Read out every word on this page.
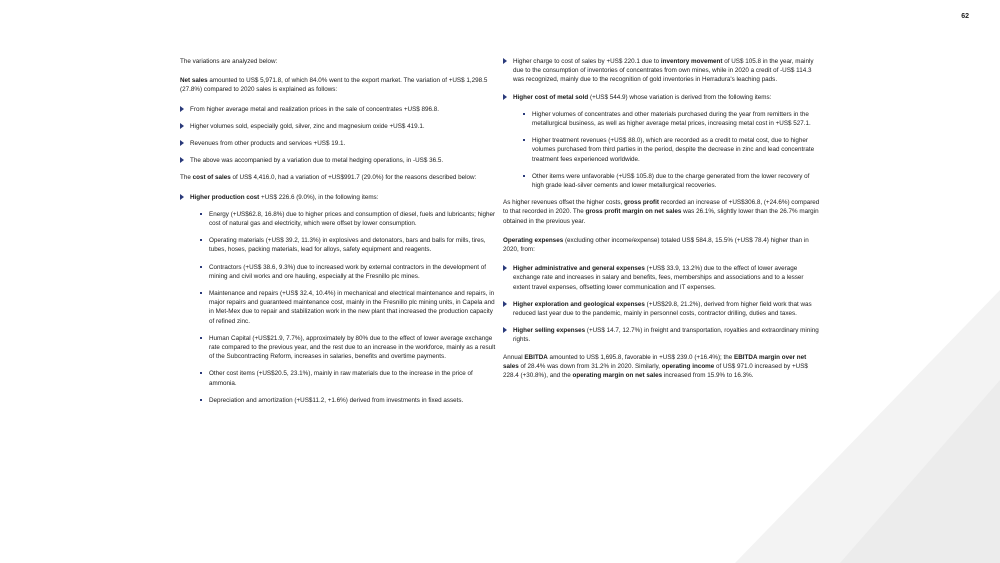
62

The variations are analyzed below:

Net sales amounted to US$ 5,971.8, of which 84.0% went to the export market. The variation of +US$ 1,298.5 (27.8%) compared to 2020 sales is explained as follows:

From higher average metal and realization prices in the sale of concentrates +US$ 896.8.
Higher volumes sold, especially gold, silver, zinc and magnesium oxide +US$ 419.1.
Revenues from other products and services +US$ 19.1.
The above was accompanied by a variation due to metal hedging operations, in -US$ 36.5.

The cost of sales of US$ 4,416.0, had a variation of +US$991.7 (29.0%) for the reasons described below:

Higher production cost +US$ 226.6 (9.0%), in the following items:
Energy (+US$62.8, 16.8%) due to higher prices and consumption of diesel, fuels and lubricants; higher cost of natural gas and electricity, which were offset by lower consumption.
Operating materials (+US$ 39.2, 11.3%) in explosives and detonators, bars and balls for mills, tires, tubes, hoses, packing materials, lead for alloys, safety equipment and reagents.
Contractors (+US$ 38.6, 9.3%) due to increased work by external contractors in the development of mining and civil works and ore hauling, especially at the Fresnillo plc mines.
Maintenance and repairs (+US$ 32.4, 10.4%) in mechanical and electrical maintenance and repairs, in major repairs and guaranteed maintenance cost, mainly in the Fresnillo plc mining units, in Capela and in Met-Mex due to repair and stabilization work in the new plant that increased the production capacity of refined zinc.
Human Capital (+US$21.9, 7.7%), approximately by 80% due to the effect of lower average exchange rate compared to the previous year, and the rest due to an increase in the workforce, mainly as a result of the Subcontracting Reform, increases in salaries, benefits and overtime payments.
Other cost items (+US$20.5, 23.1%), mainly in raw materials due to the increase in the price of ammonia.
Depreciation and amortization (+US$11.2, +1.6%) derived from investments in fixed assets.
Higher charge to cost of sales by +US$ 220.1 due to inventory movement of US$ 105.8 in the year, mainly due to the consumption of inventories of concentrates from own mines, while in 2020 a credit of -US$ 114.3 was recognized, mainly due to the recognition of gold inventories in Herradura's leaching pads.
Higher cost of metal sold (+US$ 544.9) whose variation is derived from the following items:
Higher volumes of concentrates and other materials purchased during the year from remitters in the metallurgical business, as well as higher average metal prices, increasing metal cost in +US$ 527.1.
Higher treatment revenues (+US$ 88.0), which are recorded as a credit to metal cost, due to higher volumes purchased from third parties in the period, despite the decrease in zinc and lead concentrate treatment fees experienced worldwide.
Other items were unfavorable (+US$ 105.8) due to the charge generated from the lower recovery of high grade lead-silver cements and lower metallurgical recoveries.

As higher revenues offset the higher costs, gross profit recorded an increase of +US$306.8, (+24.6%) compared to that recorded in 2020. The gross profit margin on net sales was 26.1%, slightly lower than the 26.7% margin obtained in the previous year.

Operating expenses (excluding other income/expense) totaled US$ 584.8, 15.5% (+US$ 78.4) higher than in 2020, from:

Higher administrative and general expenses (+US$ 33.9, 13.2%) due to the effect of lower average exchange rate and increases in salary and benefits, fees, memberships and associations and to a lesser extent travel expenses, offsetting lower communication and IT expenses.
Higher exploration and geological expenses (+US$29.8, 21.2%), derived from higher field work that was reduced last year due to the pandemic, mainly in personnel costs, contractor drilling, duties and taxes.
Higher selling expenses (+US$ 14.7, 12.7%) in freight and transportation, royalties and extraordinary mining rights.

Annual EBITDA amounted to US$ 1,695.8, favorable in +US$ 239.0 (+16.4%); the EBITDA margin over net sales of 28.4% was down from 31.2% in 2020. Similarly, operating income of US$ 971.0 increased by +US$ 228.4 (+30.8%), and the operating margin on net sales increased from 15.9% to 16.3%.
